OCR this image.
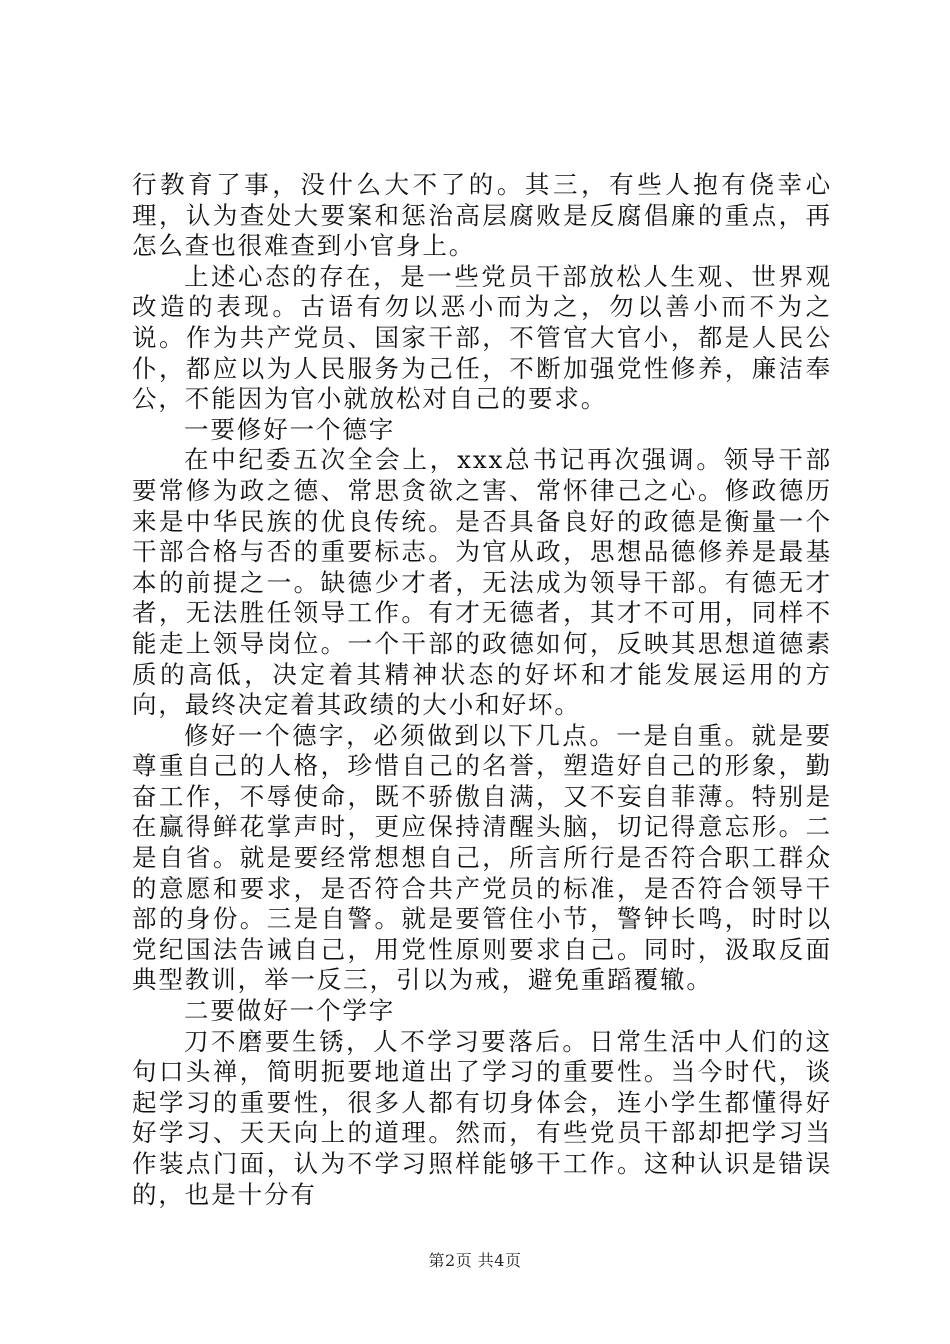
行教育了事，没什么大不了的。其三，有些人抱有侥幸心理，认为查处大要案和惩治高层腐败是反腐倡廉的重点，再怎么查也很难查到小官身上。

上述心态的存在，是一些党员干部放松人生观、世界观改造的表现。古语有勿以恶小而为之，勿以善小而不为之说。作为共产党员、国家干部，不管官大官小，都是人民公仆，都应以为人民服务为己任，不断加强党性修养，廉洁奉公，不能因为官小就放松对自己的要求。

一要修好一个德字

在中纪委五次全会上，xxx总书记再次强调。领导干部要常修为政之德、常思贪欲之害、常怀律己之心。修政德历来是中华民族的优良传统。是否具备良好的政德是衡量一个干部合格与否的重要标志。为官从政，思想品德修养是最基本的前提之一。缺德少才者，无法成为领导干部。有德无才者，无法胜任领导工作。有才无德者，其才不可用，同样不能走上领导岗位。一个干部的政德如何，反映其思想道德素质的高低，决定着其精神状态的好坏和才能发展运用的方向，最终决定着其政绩的大小和好坏。

修好一个德字，必须做到以下几点。一是自重。就是要尊重自己的人格，珍惜自己的名誉，塑造好自己的形象，勤奋工作，不辱使命，既不骄傲自满，又不妄自菲薄。特别是在赢得鲜花掌声时，更应保持清醒头脑，切记得意忘形。二是自省。就是要经常想想自己，所言所行是否符合职工群众的意愿和要求，是否符合共产党员的标准，是否符合领导干部的身份。三是自警。就是要管住小节，警钟长鸣，时时以党纪国法告诫自己，用党性原则要求自己。同时，汲取反面典型教训，举一反三，引以为戒，避免重蹈覆辙。

二要做好一个学字

刀不磨要生锈，人不学习要落后。日常生活中人们的这句口头禅，简明扼要地道出了学习的重要性。当今时代，谈起学习的重要性，很多人都有切身体会，连小学生都懂得好好学习、天天向上的道理。然而，有些党员干部却把学习当作装点门面，认为不学习照样能够干工作。这种认识是错误的，也是十分有

第2页 共4页
